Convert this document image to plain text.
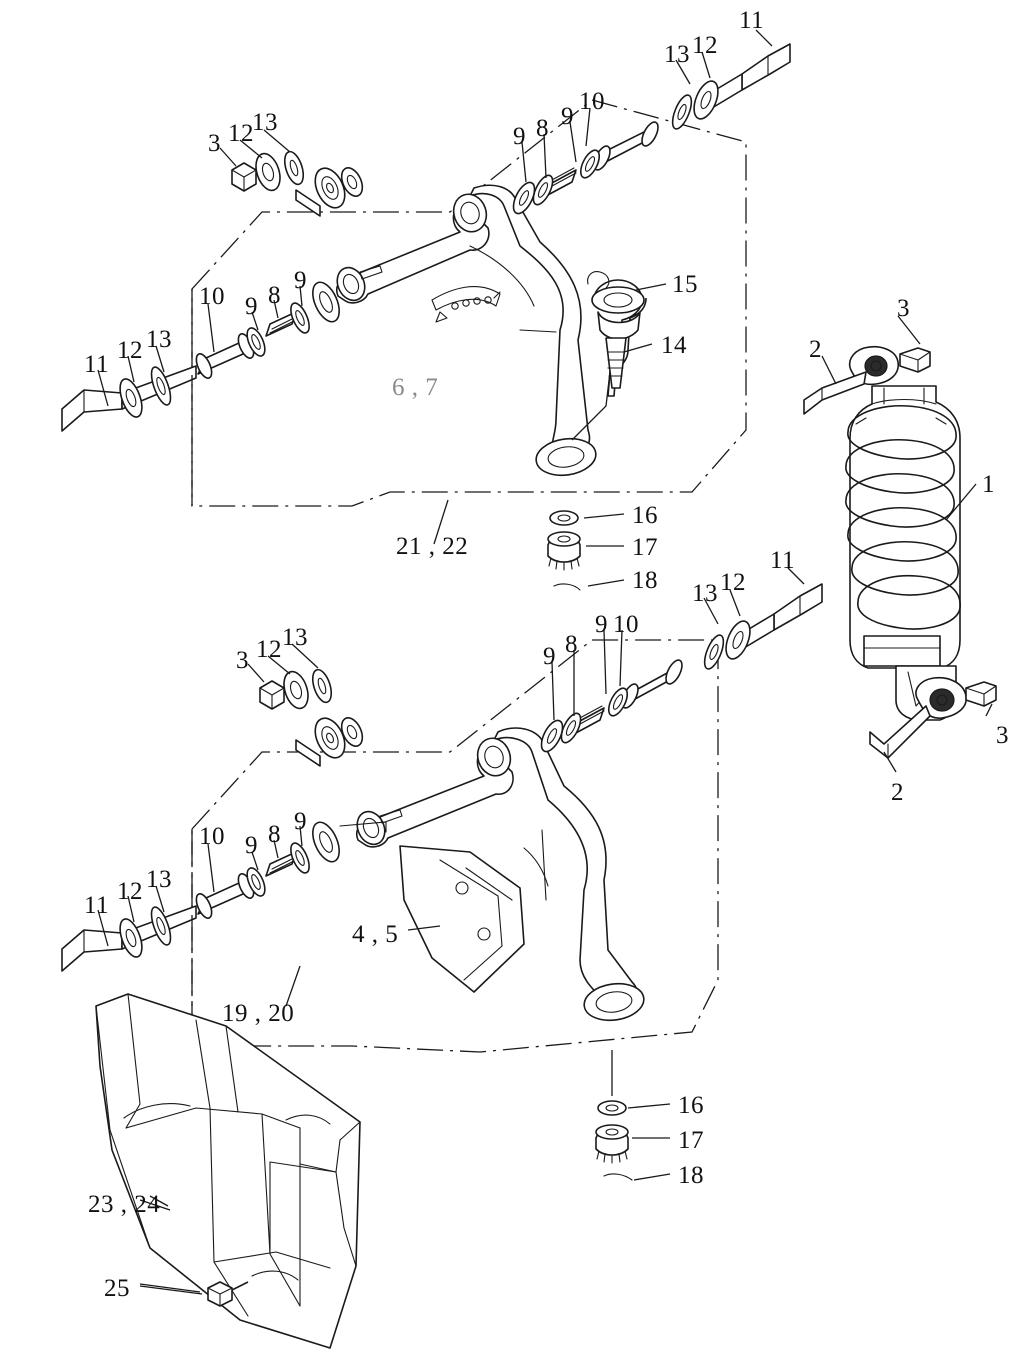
11
13 12
13
12
3
10
9
8
9
9
8
9
10
13
12
11
15
14
6 , 7
21 , 22
16
17
18
3
2
1
3
2
11
12
13
10
9
8
9
13
12
3
9
8
9
10
13
12
11
4 , 5
19 , 20
16
17
18
23 , 24
25
